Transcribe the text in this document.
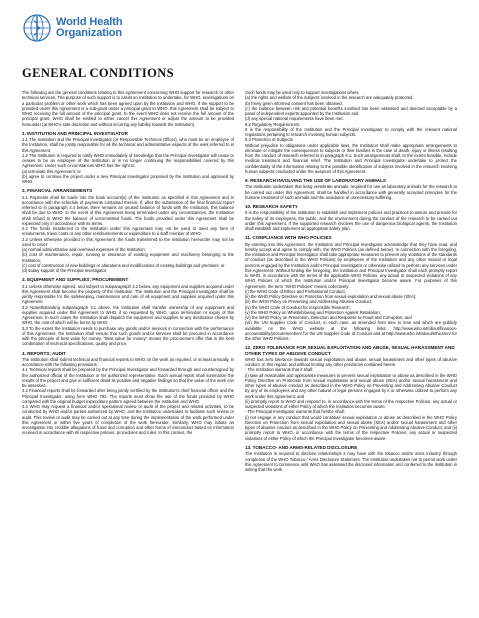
World Health
Organization
GENERAL CONDITIONS

The following are the general conditions relating to this Agreement concerning WHO support for research or other technical services. The purpose of such support is to assist an Institution to undertake, for WHO, investigations on a particular problem or other work which has been agreed upon by the Institution and WHO. If the support to be provided under this Agreement is a sub-grant under a principal grant to WHO, this Agreement shall be subject to WHO receiving the full amount of the principal grant. In the event WHO does not receive the full amount of the principal grant, WHO shall be entitled to either cancel this Agreement or adjust the amount to be provided hereunder (at WHO's sole discretion and without incurring any liability towards the Institution).

1. INSTITUTION AND PRINCIPAL INVESTIGATOR

1.1 The Institution and the Principal Investigator (or Responsible Technical Officer), who must be an employee of the Institution, shall be jointly responsible for all the technical and administrative aspects of the work referred to in this Agreement.

1.2 The Institution is required to notify WHO immediately of knowledge that the Principal Investigator will cease or ceases to be an employee of the Institution or is no longer continuing the responsibilities covered by this Agreement. Under such circumstances WHO has the right to:

(a) terminate this Agreement; or

(b) agree to continue the project under a new Principal Investigator proposed by the Institution and approved by WHO.

2. FINANCIAL ARRANGEMENTS

2.1 Payments shall be made into the bank account(s) of the Institution as specified in this Agreement and in accordance with the schedule of payments contained therein. If, after the submission of the final financial report referred to in paragraph 4.4 below, there remains an unused balance of funds with the Institution, this balance shall be due to WHO. In the event of this Agreement being terminated under any circumstances, the Institution shall refund to WHO the balance of uncommitted funds. The funds provided under this Agreement shall be expended only in accordance with its terms.

2.2 The funds transferred to the Institution under this Agreement may not be used to meet any form of emoluments, travel costs or any other reimbursements or expenditure to a staff member of WHO.

2.3 Unless otherwise provided in this Agreement, the funds transferred to the Institution hereunder may not be used to cover:

(a) normal administrative and overhead expenses of the Institution;

(b) cost of maintenance, repair, running or insurance of existing equipment and machinery belonging to the Institution;

(c) cost of construction of new buildings or alterations and modifications of existing buildings and premises; or

(d) salary support of the Principal Investigator.

3. EQUIPMENT AND SUPPLIES; PROCUREMENT

3.1 Unless otherwise agreed, and subject to subparagraph 3.2 below, any equipment and supplies acquired under this Agreement shall become the property of the Institution. The Institution and the Principal Investigator shall be jointly responsible for the safekeeping, maintenance and care of all equipment and supplies acquired under this Agreement.

3.2 Notwithstanding subparagraph 3.1 above, the Institution shall transfer ownership of any equipment and supplies acquired under this Agreement to WHO, if so requested by WHO, upon termination or expiry of this Agreement. In such cases the Institution shall dispatch the equipment and supplies to any destination chosen by WHO, the cost of which will be borne by WHO.

3.3 To the extent the Institution needs to purchase any goods and/or services in connection with the performance of this Agreement, the Institution shall ensure that such goods and/or services shall be procured in accordance with the principle of best value for money. "Best value for money" means the procurement offer that is the best combination of technical specifications, quality and price.

4. REPORTS; AUDIT

The Institution shall submit technical and financial reports to WHO on the work as required, or at least annually, in accordance with the following provisions:

4.1 Technical reports shall be prepared by the Principal Investigator and forwarded through and countersigned by the authorized official of the Institution or his authorized representative. Each annual report shall summarize the results of the project and give in sufficient detail its positive and negative findings so that the value of the work can be assessed.

4.2 Financial reports shall be forwarded after being jointly certified by the Institution's chief financial officer and the Principal Investigator, using form WHO 782. The reports must show the use of the funds provided by WHO compared with the original budget expenditure pattern agreed between the Institution and WHO.

4.3 WHO may request a financial and/or operational review or audit of the project and related activities, to be conducted by WHO and/or parties authorized by WHO, and the Institution undertakes to facilitate such review or audit. This review or audit may be carried out at any time during the implementation of the work performed under this Agreement or within five years of completion of the work hereunder. Similarly, WHO may initiate an investigation into credible allegations of fraud and corruption and other forms of misconduct based on information received in accordance with its respective policies, procedures and rules. In this context, the

Such funds may be used only to support investigations where

(a) the rights and welfare of the subjects involved in the research are adequately protected,

(b) freely given informed consent has been obtained,

(c) the balance between risk and potential benefits involved has been assessed and deemed acceptable by a panel of independent experts appointed by the Institution and

(d) any special national requirements have been met.

8.2 Regulatory Requirements

It is the responsibility of the Institution and the Principal Investigator to comply with the relevant national regulations pertaining to research involving human subjects.

8.3 Protection of Subjects

Without prejudice to obligations under applicable laws, the Institution shall make appropriate arrangements to eliminate or mitigate the consequences to subjects or their families in the case of death, injury or illness resulting from the conduct of research referred to in paragraph 8.1. Such arrangements shall, to the extent feasible, include medical treatment and financial relief. The Institution and Principal Investigator undertake to protect the confidentiality of the information relating to the possible identification of subjects involved in the research involving human subjects conducted under the auspices of this Agreement.

9. RESEARCH INVOLVING THE USE OF LABORATORY ANIMALS

The Institution undertakes that living vertebrate animals, required for use as laboratory animals for the research to be carried out under this Agreement, shall be handled in accordance with generally accepted principles for the humane treatment of such animals and the avoidance of unnecessary suffering.

10. RESEARCH SAFETY

It is the responsibility of the Institution to establish and implement policies and practices to assure and provide for the safety of its employees, the public, and the environment during the conduct of the research to be carried out under this Agreement. If the supported research involves the use of dangerous biological agents, the Institution shall establish and implement an appropriate safety plan.

11. COMPLIANCE WITH WHO POLICIES

By entering into this Agreement, the Institution and Principal Investigator acknowledge that they have read, and hereby accept and agree to comply with, the WHO Policies (as defined below). In connection with the foregoing, the Institution and Principal Investigator shall take appropriate measures to prevent any violations of the standards of conduct (as described in the WHO Policies) by employees of the Institution and any other natural or legal persons engaged by the Institution and/or Principal Investigator or otherwise utilized to perform any services under this Agreement. Without limiting the foregoing, the Institution and Principal Investigator shall each promptly report to WHO, in accordance with the terms of the applicable WHO Policies, any actual or suspected violations of any WHO Policies of which the Institution and/or Principal Investigator become aware. For purposes of this Agreement, the term "WHO Policies" means collectively:

(i) the WHO Code of Ethics and Professional Conduct;

(ii) the WHO Policy Directive on Protection from sexual exploitation and sexual abuse (SEA);

(iii) the WHO Policy on Preventing and Addressing Abusive Conduct;

(iv) the WHO Code of Conduct for responsible Research;

(v) the WHO Policy on Whistleblowing and Protection Against Retaliation;

(vi) the WHO Policy on Prevention, Detection and Response to Fraud and Corruption; and

(vii) the UN Supplier Code of Conduct, in each case, as amended from time to time and which are publicly available on the WHO website at the following links: http://www.who.int/about/finances-accountability/procurement/en/ for the UN Supplier Code of Conduct and at http://www.who.int/about/ethics/en/ for the other WHO Policies.

12. ZERO TOLERANCE FOR SEXUAL EXPLOITATION AND ABUSE, SEXUAL HARASSMENT AND OTHER TYPES OF ABUSIVE CONDUCT

WHO has zero tolerance towards sexual exploitation and abuse, sexual harassment and other types of abusive conduct. In this regard, and without limiting any other provisions contained herein:

- The Institution warrants that it shall:

(i) take all reasonable and appropriate measures to prevent sexual exploitation or abuse as described in the WHO Policy Directive on Protection from sexual exploitation and sexual abuse (SEA) and/or sexual harassment and other types of abusive conduct as described in the WHO Policy on Preventing and Addressing Abusive Conduct by any of its employees and any other natural or legal persons engaged by it or otherwise utilized to perform any work under this Agreement; and

(ii) promptly report to WHO and respond to, in accordance with the terms of the respective Policies, any actual or suspected violations of either Policy of which the Institution becomes aware.

- The Principal Investigator warrants that he/she shall:

(i) not engage in any conduct that would constitute sexual exploitation or abuse as described in the WHO Policy Directive on Protection from sexual exploitation and sexual abuse (SEA) and/or sexual harassment and other types of abusive conduct as described in the WHO Policy on Preventing and Addressing Abusive Conduct; and (ii) promptly report to WHO, in accordance with the terms of the respective Policies, any actual or suspected violations of either Policy of which the Principal Investigator becomes aware.

13. TOBACCO- AND ARMS-RELATED DISCLOSURE

The Institution is required to disclose relationships it may have with the tobacco and/or arms industry through completion of the WHO Tobacco / Arms Disclosure Statement. The Institution undertakes not to permit work under this Agreement to commence until WHO has assessed the disclosed information and conferred to the Institution in writing that the work
